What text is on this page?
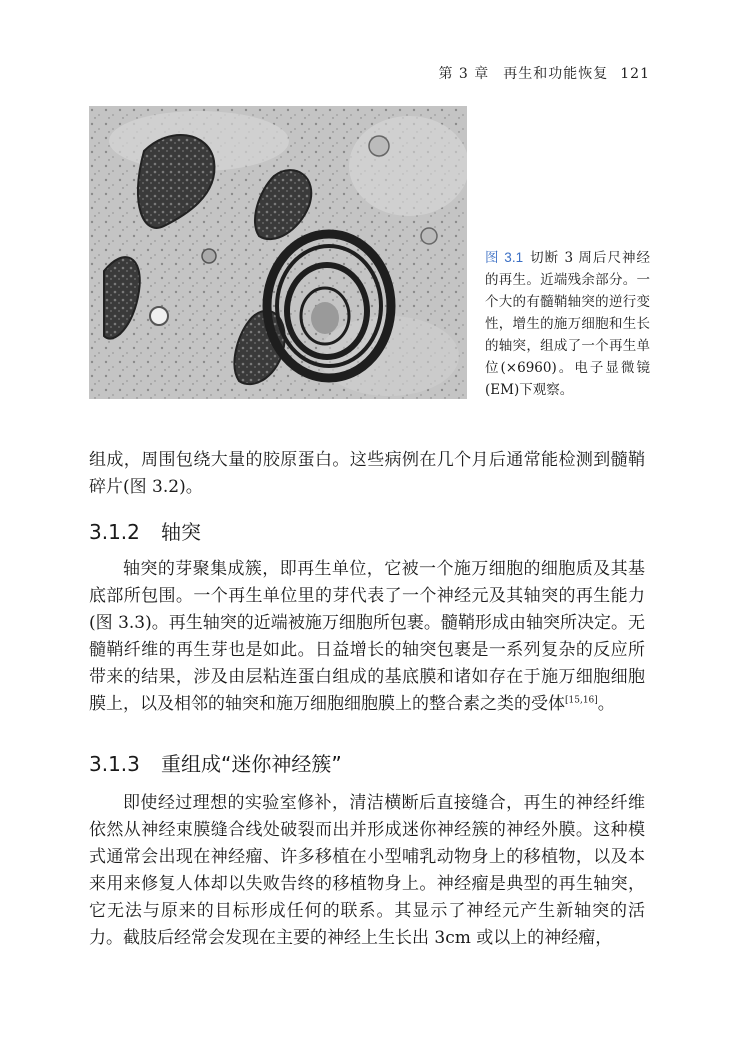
第 3 章 再生和功能恢复 121
图 3.1 切断 3 周后尺神经的再生。近端残余部分。一个大的有髓鞘轴突的逆行变性，增生的施万细胞和生长的轴突，组成了一个再生单位(×6960)。电子显微镜(EM)下观察。

组成，周围包绕大量的胶原蛋白。这些病例在几个月后通常能检测到髓鞘碎片(图 3.2)。

3.1.2 轴突

轴突的芽聚集成簇，即再生单位，它被一个施万细胞的细胞质及其基底部所包围。一个再生单位里的芽代表了一个神经元及其轴突的再生能力(图 3.3)。再生轴突的近端被施万细胞所包裹。髓鞘形成由轴突所决定。无髓鞘纤维的再生芽也是如此。日益增长的轴突包裹是一系列复杂的反应所带来的结果，涉及由层粘连蛋白组成的基底膜和诸如存在于施万细胞细胞膜上，以及相邻的轴突和施万细胞细胞膜上的整合素之类的受体[15,16]。

3.1.3 重组成“迷你神经簇”

即使经过理想的实验室修补，清洁横断后直接缝合，再生的神经纤维依然从神经束膜缝合线处破裂而出并形成迷你神经簇的神经外膜。这种模式通常会出现在神经瘤、许多移植在小型哺乳动物身上的移植物，以及本来用来修复人体却以失败告终的移植物身上。神经瘤是典型的再生轴突，它无法与原来的目标形成任何的联系。其显示了神经元产生新轴突的活力。截肢后经常会发现在主要的神经上生长出 3cm 或以上的神经瘤，
